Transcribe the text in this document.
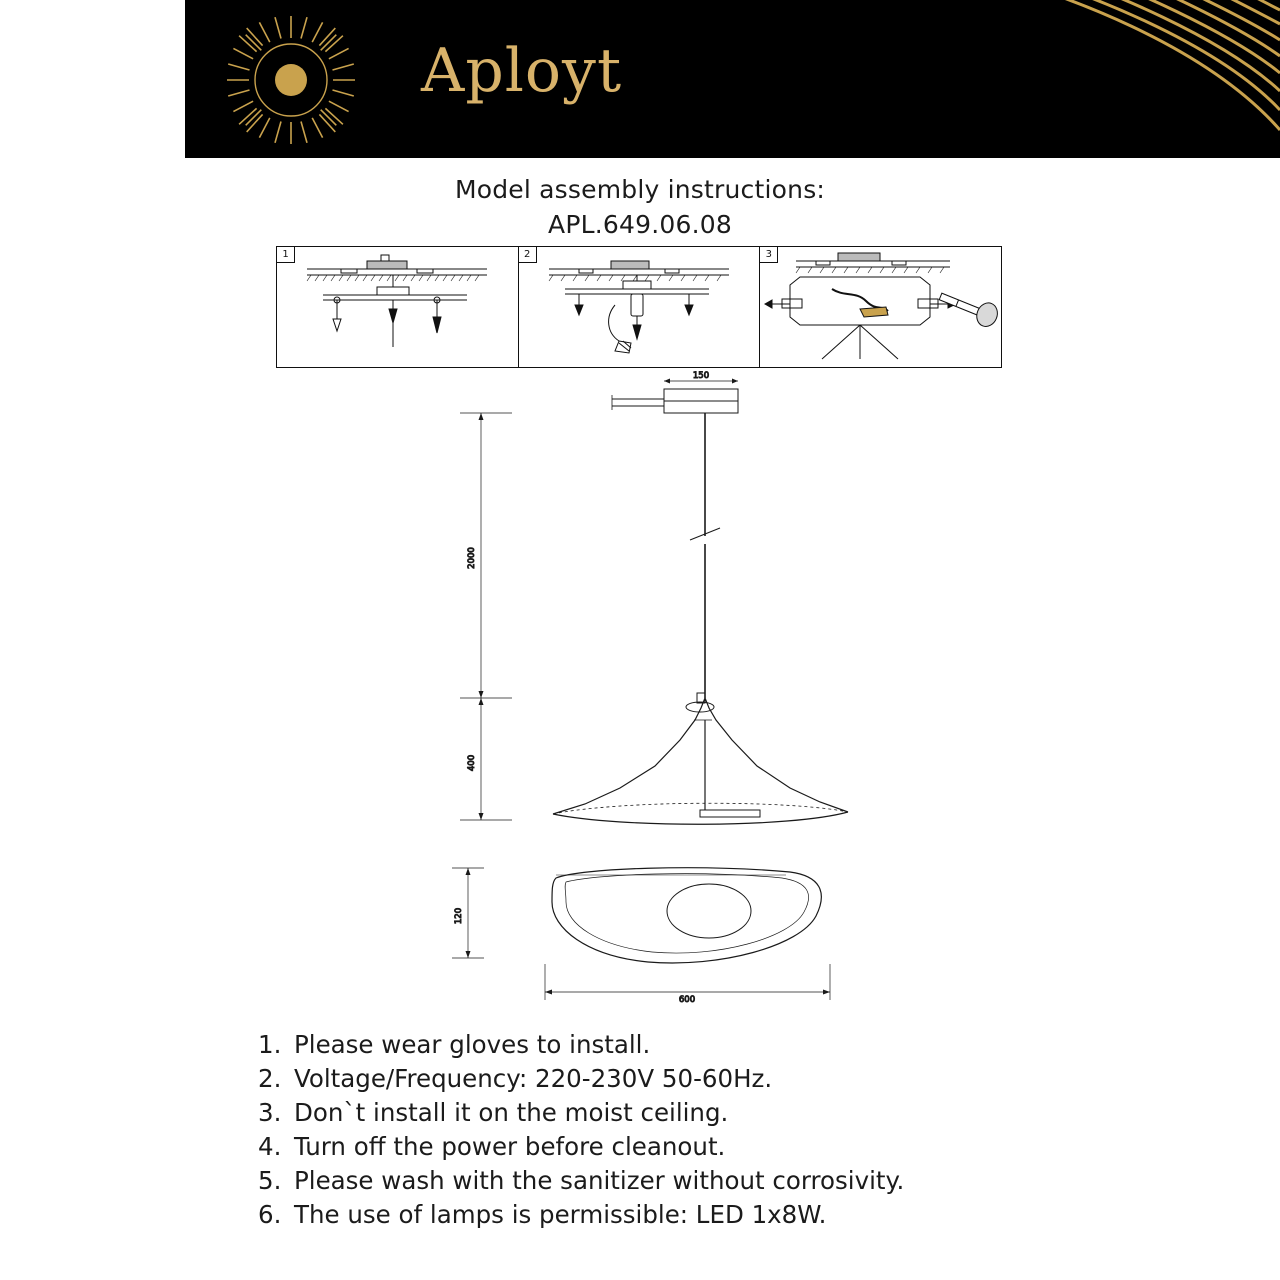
Aployt
Model assembly instructions:
APL.649.06.08
1	2	3
150
2000
400
120
600
1. Please wear gloves to install.
2. Voltage/Frequency: 220-230V 50-60Hz.
3. Don`t install it on the moist ceiling.
4. Turn off the power before cleanout.
5. Please wash with the sanitizer without corrosivity.
6. The use of lamps is permissible: LED 1x8W.
